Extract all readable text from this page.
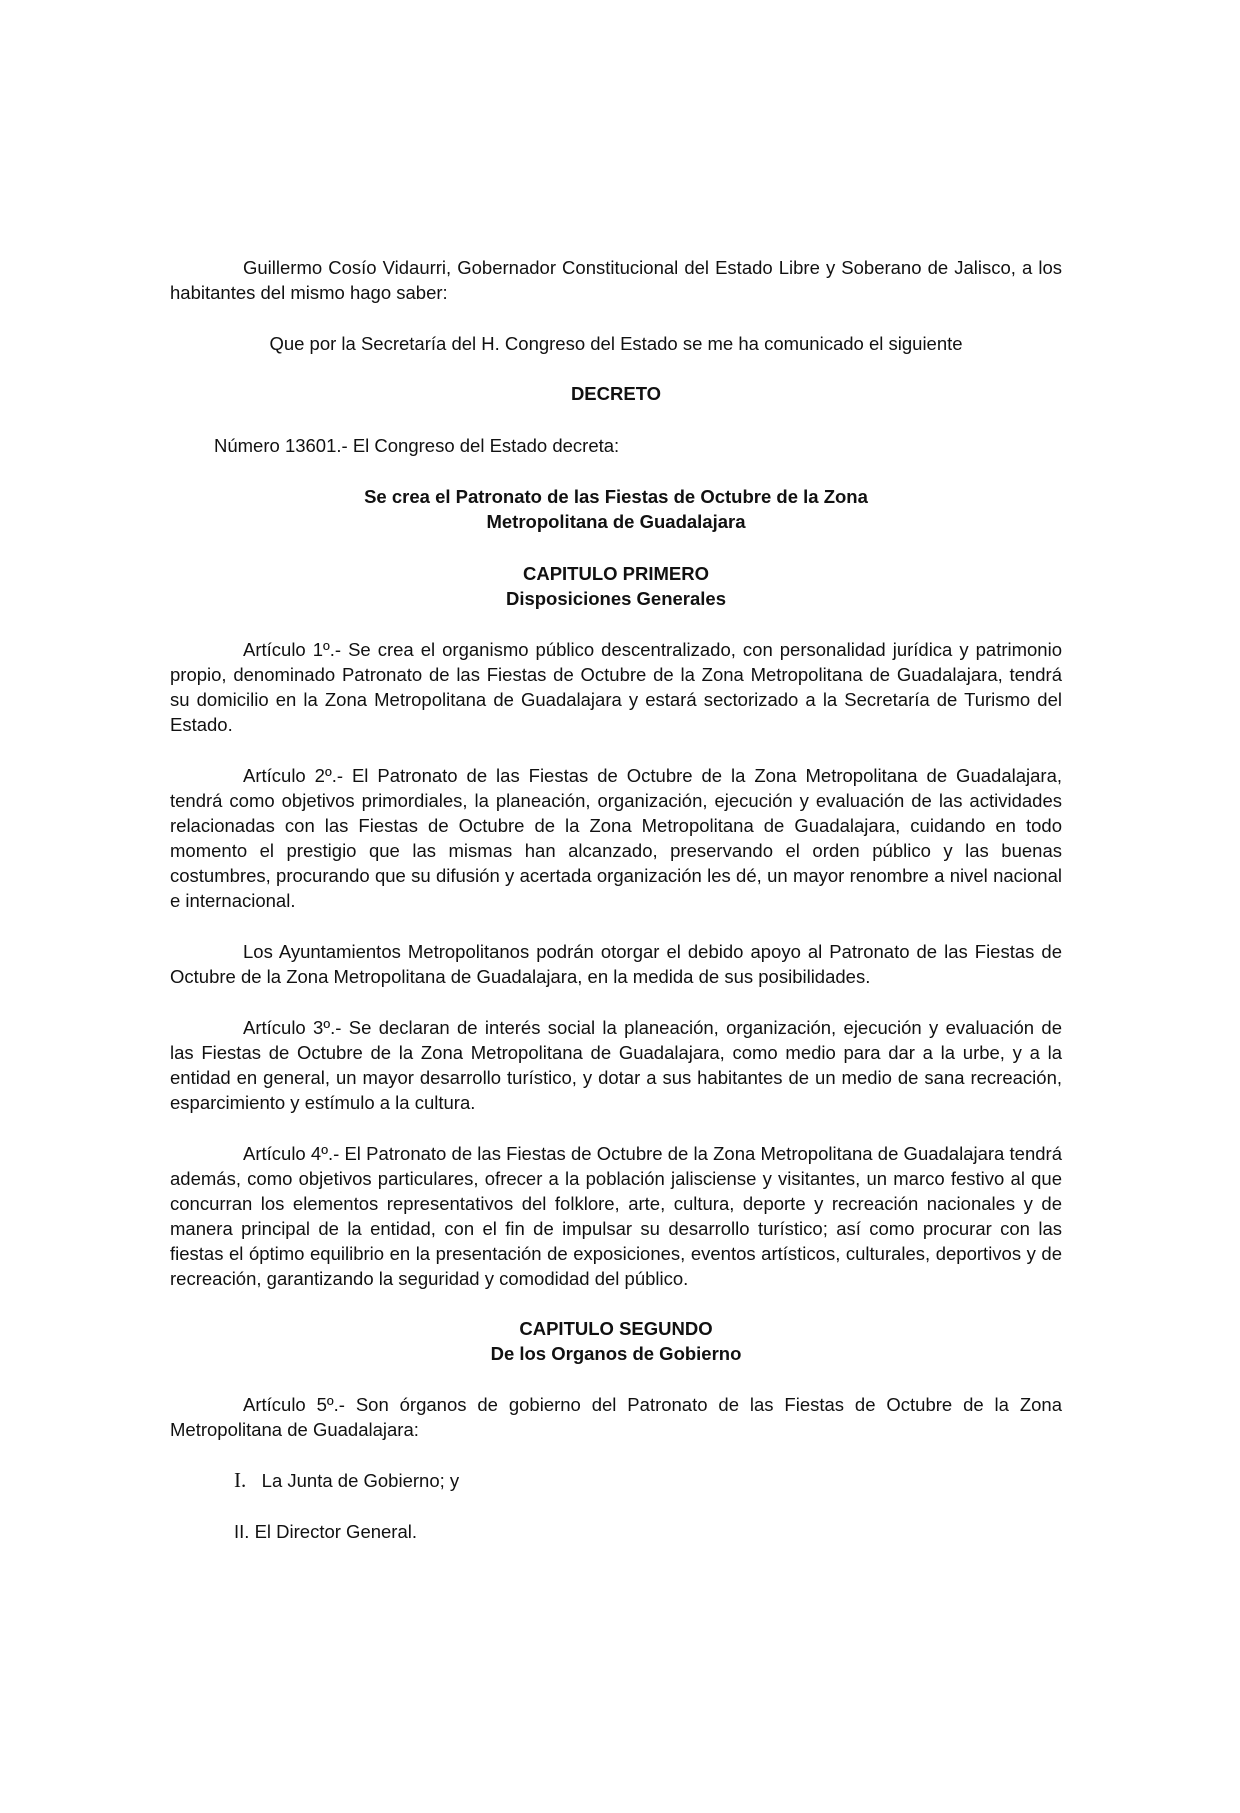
Guillermo Cosío Vidaurri, Gobernador Constitucional del Estado Libre y Soberano de Jalisco, a los habitantes del mismo hago saber:

Que por la Secretaría del H. Congreso del Estado se me ha comunicado el siguiente

DECRETO

Número 13601.- El Congreso del Estado decreta:

Se crea el Patronato de las Fiestas de Octubre de la Zona

Metropolitana de Guadalajara

CAPITULO PRIMERO

Disposiciones Generales

Artículo 1º.- Se crea el organismo público descentralizado, con personalidad jurídica y patrimonio propio, denominado Patronato de las Fiestas de Octubre de la Zona Metropolitana de Guadalajara, tendrá su domicilio en la Zona Metropolitana de Guadalajara y estará sectorizado a la Secretaría de Turismo del Estado.

Artículo 2º.- El Patronato de las Fiestas de Octubre de la Zona Metropolitana de Guadalajara, tendrá como objetivos primordiales, la planeación, organización, ejecución y evaluación de las actividades relacionadas con las Fiestas de Octubre de la Zona Metropolitana de Guadalajara, cuidando en todo momento el prestigio que las mismas han alcanzado, preservando el orden público y las buenas costumbres, procurando que su difusión y acertada organización les dé, un mayor renombre a nivel nacional e internacional.

Los Ayuntamientos Metropolitanos podrán otorgar el debido apoyo al Patronato de las Fiestas de Octubre de la Zona Metropolitana de Guadalajara, en la medida de sus posibilidades.

Artículo 3º.- Se declaran de interés social la planeación, organización, ejecución y evaluación de las Fiestas de Octubre de la Zona Metropolitana de Guadalajara, como medio para dar a la urbe, y a la entidad en general, un mayor desarrollo turístico, y dotar a sus habitantes de un medio de sana recreación, esparcimiento y estímulo a la cultura.

Artículo 4º.- El Patronato de las Fiestas de Octubre de la Zona Metropolitana de Guadalajara tendrá además, como objetivos particulares, ofrecer a la población jalisciense y visitantes, un marco festivo al que concurran los elementos representativos del folklore, arte, cultura, deporte y recreación nacionales y de manera principal de la entidad, con el fin de impulsar su desarrollo turístico; así como procurar con las fiestas el óptimo equilibrio en la presentación de exposiciones, eventos artísticos, culturales, deportivos y de recreación, garantizando la seguridad y comodidad del público.

CAPITULO SEGUNDO

De los Organos de Gobierno

Artículo 5º.- Son órganos de gobierno del Patronato de las Fiestas de Octubre de la Zona Metropolitana de Guadalajara:

I. La Junta de Gobierno; y

II. El Director General.
